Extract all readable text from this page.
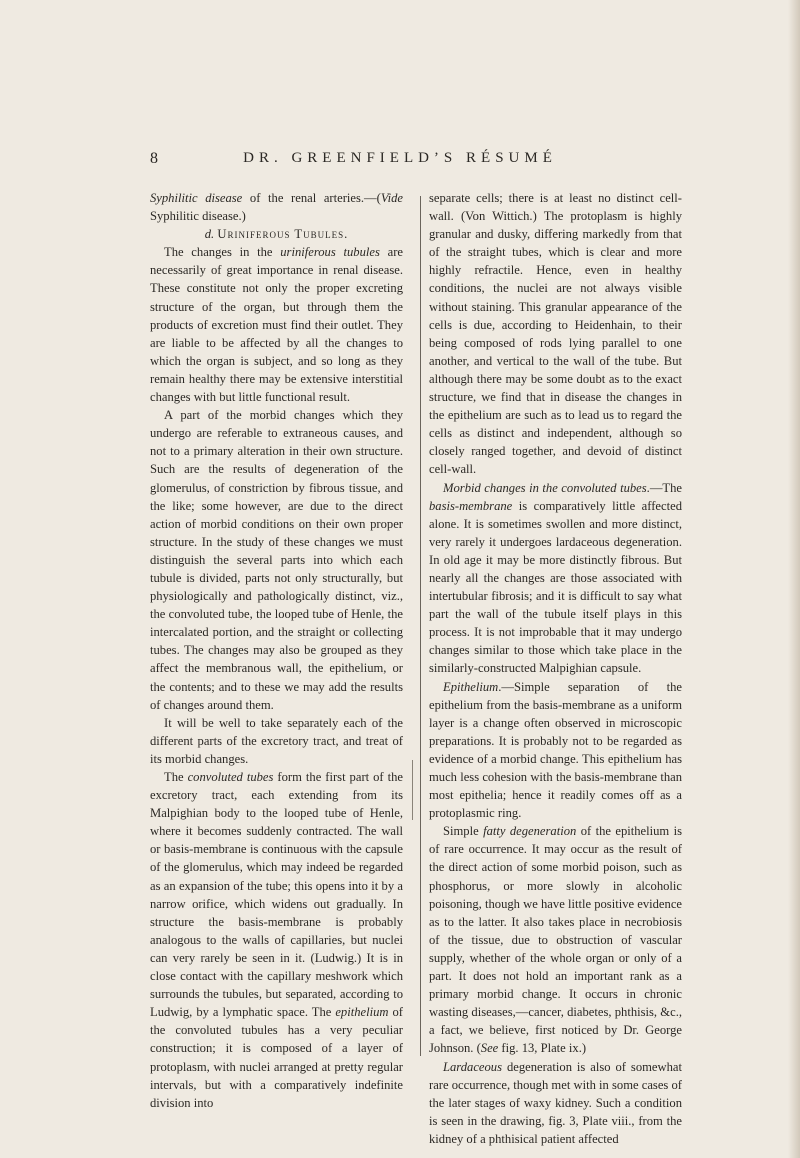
8	DR. GREENFIELD’S RÉSUMÉ

Syphilitic disease of the renal arteries.—(Vide Syphilitic disease.)

d. Uriniferous Tubules.

The changes in the uriniferous tubules are necessarily of great importance in renal disease. These constitute not only the proper excreting structure of the organ, but through them the products of excretion must find their outlet. They are liable to be affected by all the changes to which the organ is subject, and so long as they remain healthy there may be extensive interstitial changes with but little functional result.

A part of the morbid changes which they undergo are referable to extraneous causes, and not to a primary alteration in their own structure. Such are the results of degeneration of the glomerulus, of constriction by fibrous tissue, and the like; some however, are due to the direct action of morbid conditions on their own proper structure. In the study of these changes we must distinguish the several parts into which each tubule is divided, parts not only structurally, but physiologically and pathologically distinct, viz., the convoluted tube, the looped tube of Henle, the intercalated portion, and the straight or collecting tubes. The changes may also be grouped as they affect the membranous wall, the epithelium, or the contents; and to these we may add the results of changes around them.

It will be well to take separately each of the different parts of the excretory tract, and treat of its morbid changes.

The convoluted tubes form the first part of the excretory tract, each extending from its Malpighian body to the looped tube of Henle, where it becomes suddenly contracted. The wall or basis-membrane is continuous with the capsule of the glomerulus, which may indeed be regarded as an expansion of the tube; this opens into it by a narrow orifice, which widens out gradually. In structure the basis-membrane is probably analogous to the walls of capillaries, but nuclei can very rarely be seen in it. (Ludwig.) It is in close contact with the capillary meshwork which surrounds the tubules, but separated, according to Ludwig, by a lymphatic space. The epithelium of the convoluted tubules has a very peculiar construction; it is composed of a layer of protoplasm, with nuclei arranged at pretty regular intervals, but with a comparatively indefinite division into

separate cells; there is at least no distinct cell-wall. (Von Wittich.) The protoplasm is highly granular and dusky, differing markedly from that of the straight tubes, which is clear and more highly refractile. Hence, even in healthy conditions, the nuclei are not always visible without staining. This granular appearance of the cells is due, according to Heidenhain, to their being composed of rods lying parallel to one another, and vertical to the wall of the tube. But although there may be some doubt as to the exact structure, we find that in disease the changes in the epithelium are such as to lead us to regard the cells as distinct and independent, although so closely ranged together, and devoid of distinct cell-wall.

Morbid changes in the convoluted tubes.—The basis-membrane is comparatively little affected alone. It is sometimes swollen and more distinct, very rarely it undergoes lardaceous degeneration. In old age it may be more distinctly fibrous. But nearly all the changes are those associated with intertubular fibrosis; and it is difficult to say what part the wall of the tubule itself plays in this process. It is not improbable that it may undergo changes similar to those which take place in the similarly-constructed Malpighian capsule.

Epithelium.—Simple separation of the epithelium from the basis-membrane as a uniform layer is a change often observed in microscopic preparations. It is probably not to be regarded as evidence of a morbid change. This epithelium has much less cohesion with the basis-membrane than most epithelia; hence it readily comes off as a protoplasmic ring.

Simple fatty degeneration of the epithelium is of rare occurrence. It may occur as the result of the direct action of some morbid poison, such as phosphorus, or more slowly in alcoholic poisoning, though we have little positive evidence as to the latter. It also takes place in necrobiosis of the tissue, due to obstruction of vascular supply, whether of the whole organ or only of a part. It does not hold an important rank as a primary morbid change. It occurs in chronic wasting diseases,—cancer, diabetes, phthisis, &c., a fact, we believe, first noticed by Dr. George Johnson. (See fig. 13, Plate ix.)

Lardaceous degeneration is also of somewhat rare occurrence, though met with in some cases of the later stages of waxy kidney. Such a condition is seen in the drawing, fig. 3, Plate viii., from the kidney of a phthisical patient affected
